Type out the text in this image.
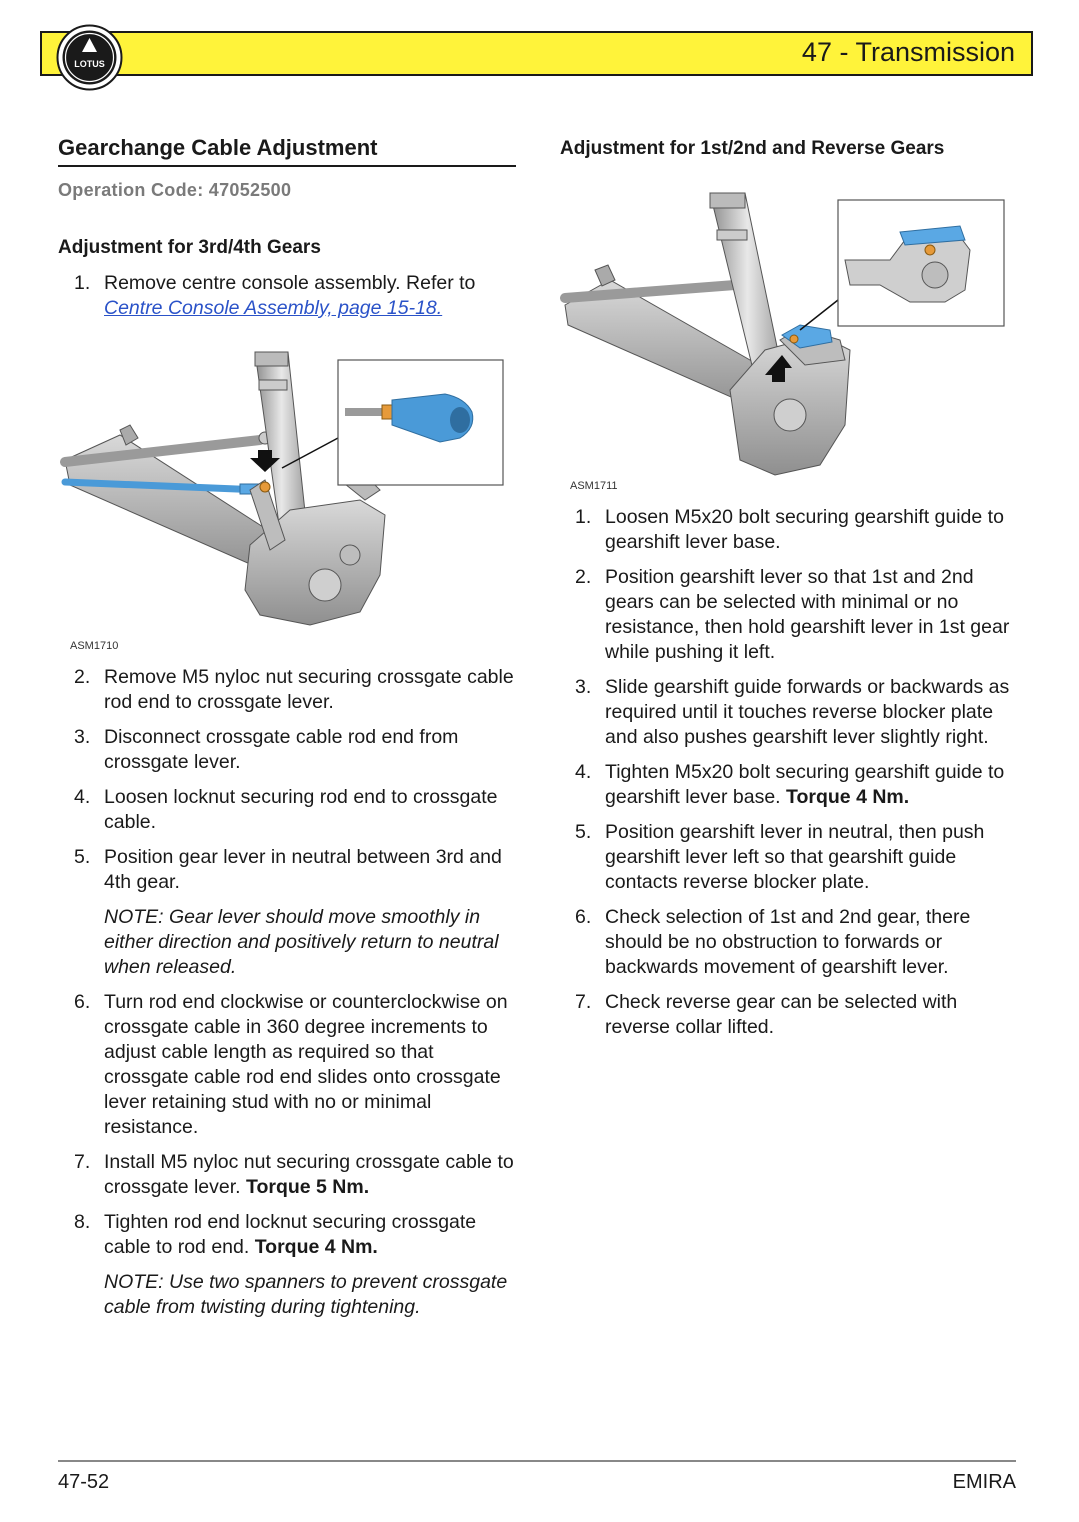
47 - Transmission
LOTUS
Gearchange Cable Adjustment
Operation Code: 47052500
Adjustment for 3rd/4th Gears
1. Remove centre console assembly. Refer to Centre Console Assembly, page 15-18.
ASM1710
2. Remove M5 nyloc nut securing crossgate cable rod end to crossgate lever.
3. Disconnect crossgate cable rod end from crossgate lever.
4. Loosen locknut securing rod end to crossgate cable.
5. Position gear lever in neutral between 3rd and 4th gear.
NOTE: Gear lever should move smoothly in either direction and positively return to neutral when released.
6. Turn rod end clockwise or counterclockwise on crossgate cable in 360 degree increments to adjust cable length as required so that crossgate cable rod end slides onto crossgate lever retaining stud with no or minimal resistance.
7. Install M5 nyloc nut securing crossgate cable to crossgate lever. Torque 5 Nm.
8. Tighten rod end locknut securing crossgate cable to rod end. Torque 4 Nm.
NOTE: Use two spanners to prevent crossgate cable from twisting during tightening.
Adjustment for 1st/2nd and Reverse Gears
ASM1711
1. Loosen M5x20 bolt securing gearshift guide to gearshift lever base.
2. Position gearshift lever so that 1st and 2nd gears can be selected with minimal or no resistance, then hold gearshift lever in 1st gear while pushing it left.
3. Slide gearshift guide forwards or backwards as required until it touches reverse blocker plate and also pushes gearshift lever slightly right.
4. Tighten M5x20 bolt securing gearshift guide to gearshift lever base. Torque 4 Nm.
5. Position gearshift lever in neutral, then push gearshift lever left so that gearshift guide contacts reverse blocker plate.
6. Check selection of 1st and 2nd gear, there should be no obstruction to forwards or backwards movement of gearshift lever.
7. Check reverse gear can be selected with reverse collar lifted.
47-52	EMIRA
